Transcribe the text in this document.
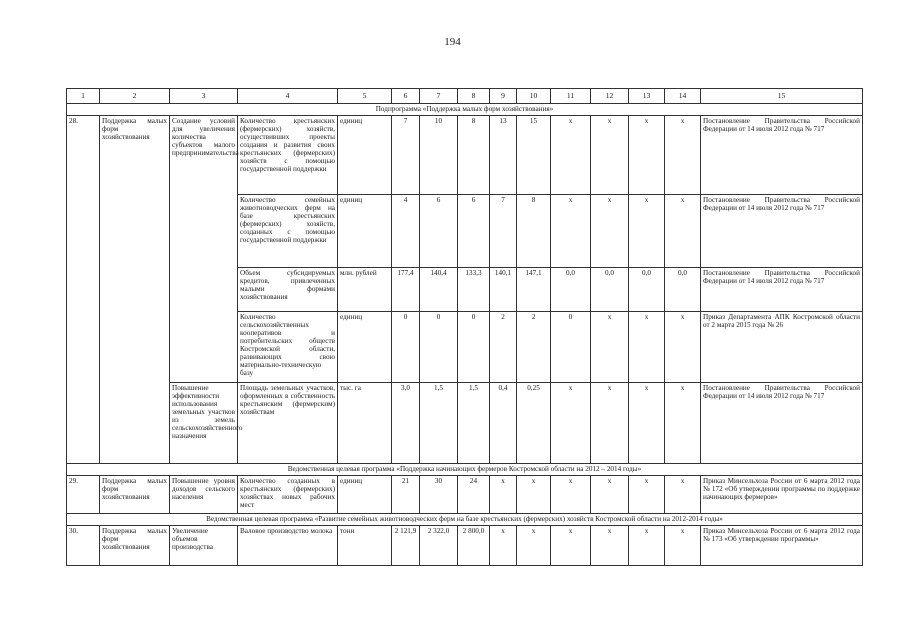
194
1	2	3	4	5	6	7	8	9	10	11	12	13	14	15
Подпрограмма «Поддержка малых форм хозяйствования»														
28.	Поддержка малых форм хозяйствования	Создание условий для увеличения количества субъектов малого предпринимательства	Количество крестьянских (фермерских) хозяйств, осуществивших проекты создания и развития своих крестьянских (фермерских) хозяйств с помощью государственной поддержки	единиц	7	10	8	13	15	х	х	х	х	Постановление Правительства Российской Федерации от 14 июля 2012 года № 717
			Количество семейных животноводческих ферм на базе крестьянских (фермерских) хозяйств, созданных с помощью государственной поддержки	единиц	4	6	6	7	8	х	х	х	х	Постановление Правительства Российской Федерации от 14 июля 2012 года № 717
			Объем субсидируемых кредитов, привлеченных малыми формами хозяйствования	млн. рублей	177,4	140,4	133,3	140,1	147,1	0,0	0,0	0,0	0,0	Постановление Правительства Российской Федерации от 14 июля 2012 года № 717
			Количество сельскохозяйственных кооперативов и потребительских обществ Костромской области, развивающих свою материально-техническую базу	единиц	0	0	0	2	2	0	х	х	х	Приказ Департамента АПК Костромской области от 2 марта 2015 года № 26
		Повышение эффективности использования земельных участков из земель сельскохозяйственного назначения	Площадь земельных участков, оформленных в собственность крестьянским (фермерским) хозяйствам	тыс. га	3,0	1,5	1,5	0,4	0,25	х	х	х	х	Постановление Правительства Российской Федерации от 14 июля 2012 года № 717
Ведомственная целевая программа «Поддержка начинающих фермеров Костромской области на 2012 – 2014 годы»														
29.	Поддержка малых форм хозяйствования	Повышение уровня доходов сельского населения	Количество созданных в крестьянских (фермерских) хозяйствах новых рабочих мест	единиц	21	30	24	х	х	х	х	х	х	Приказ Минсельхоза России от 6 марта 2012 года № 172 «Об утверждении программы по поддержке начинающих фермеров»
Ведомственная целевая программа «Развитие семейных животноводческих ферм на базе крестьянских (фермерских) хозяйств Костромской области на 2012-2014 годы»														
30.	Поддержка малых форм хозяйствования	Увеличение объемов производства	Валовое производство молока	тонн	2 121,9	2 322,0	2 800,0	х	х	х	х	х	х	Приказ Минсельхоза России от 6 марта 2012 года № 173 «Об утверждении программы»
